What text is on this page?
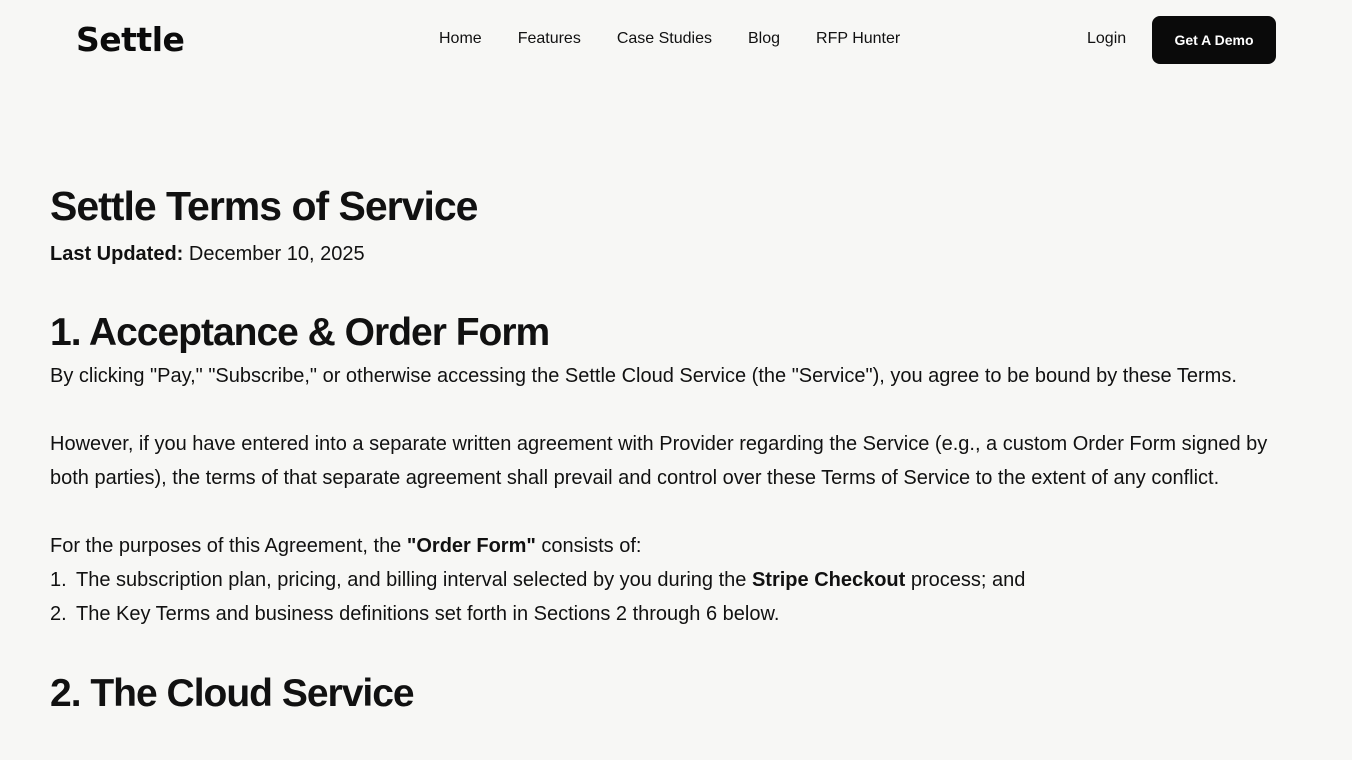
Settle	Home	Features	Case Studies	Blog	RFP Hunter	Login	Get A Demo
Settle Terms of Service

Last Updated: December 10, 2025

1. Acceptance & Order Form

By clicking "Pay," "Subscribe," or otherwise accessing the Settle Cloud Service (the "Service"), you agree to be bound by these Terms.

However, if you have entered into a separate written agreement with Provider regarding the Service (e.g., a custom Order Form signed by both parties), the terms of that separate agreement shall prevail and control over these Terms of Service to the extent of any conflict.

For the purposes of this Agreement, the "Order Form" consists of:

1. The subscription plan, pricing, and billing interval selected by you during the Stripe Checkout process; and
2. The Key Terms and business definitions set forth in Sections 2 through 6 below.
2. The Cloud Service
